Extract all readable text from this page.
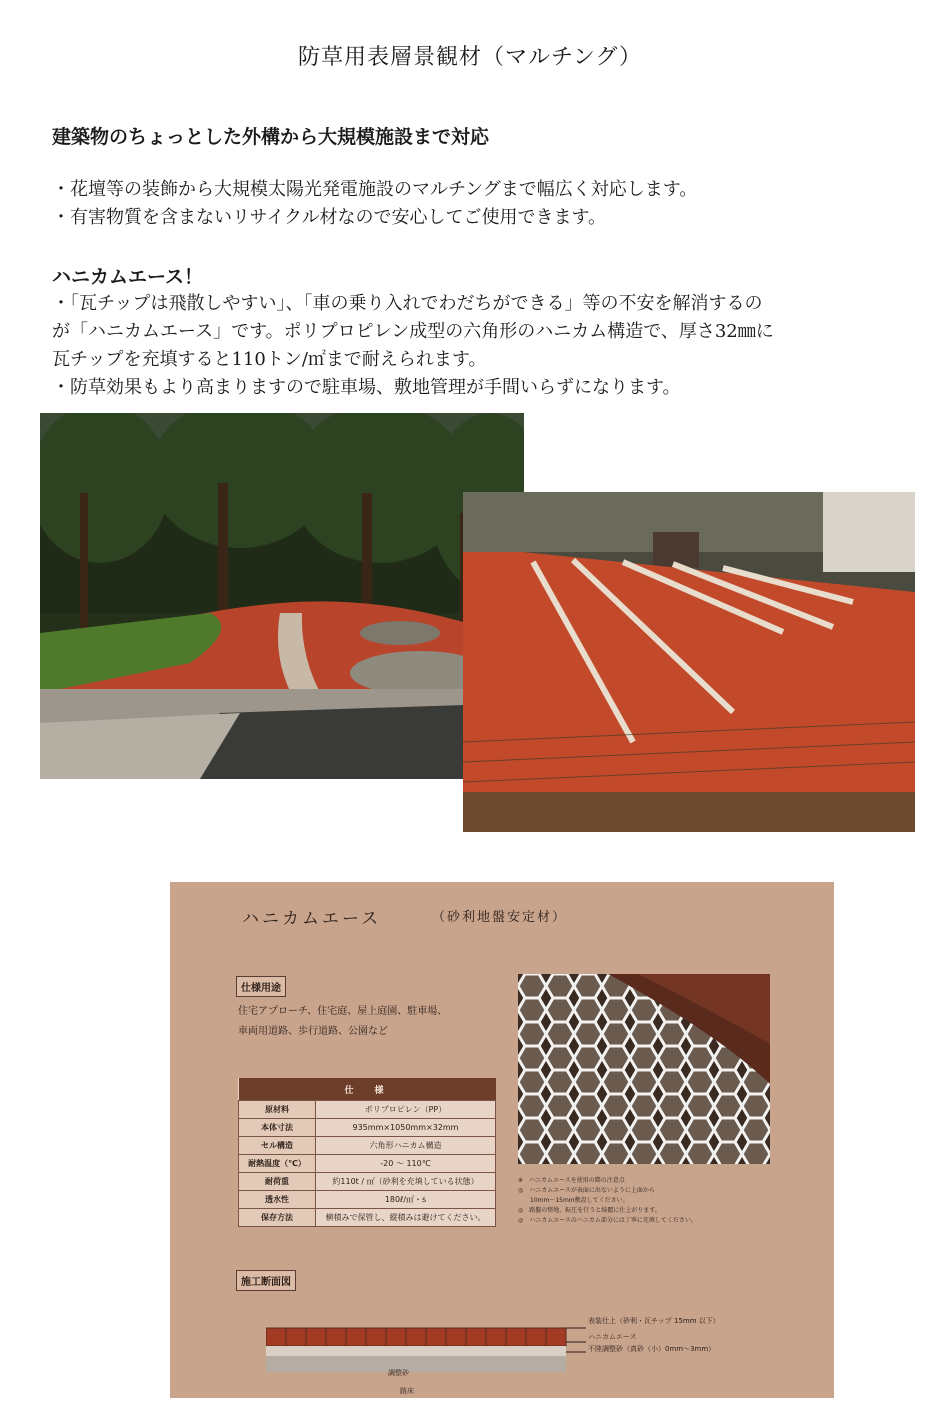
防草用表層景観材（マルチング）
建築物のちょっとした外構から大規模施設まで対応

・花壇等の装飾から大規模太陽光発電施設のマルチングまで幅広く対応します。

・有害物質を含まないリサイクル材なので安心してご使用できます。

ハニカムエース！

・「瓦チップは飛散しやすい」、「車の乗り入れでわだちができる」等の不安を解消するの

が「ハニカムエース」です。ポリプロピレン成型の六角形のハニカム構造で、厚さ32㎜に

瓦チップを充填すると110トン/㎡まで耐えられます。

・防草効果もより高まりますので駐車場、敷地管理が手間いらずになります。

ハニカムエース	（砂利地盤安定材）
仕様用途

住宅アプローチ、住宅庭、屋上庭園、駐車場、

車両用道路、歩行道路、公園など

仕　様	
原材料	ポリプロピレン（PP）
本体寸法	935mm×1050mm×32mm
セル構造	六角形ハニカム構造
耐熱温度（℃）	-20 ～ 110℃
耐荷重	約110t / ㎡（砂利を充填している状態）
透水性	180ℓ/㎡・s
保存方法	横積みで保管し、縦積みは避けてください。

※　ハニカムエースを使用の際の注意点

◎　ハニカムエースが表面に出ないように上面から

　　10mm～15mm敷設してください。

◎　路盤の整地、転圧を行うと綺麗に仕上がります。

◎　ハニカムエースのハニカム部分には丁寧に充填してください。

施工断面図
表装仕上（砂利・瓦チップ 15mm 以下）
ハニカムエース
不陸調整砂（真砂（小）0mm～3mm）
調整砂
路床
